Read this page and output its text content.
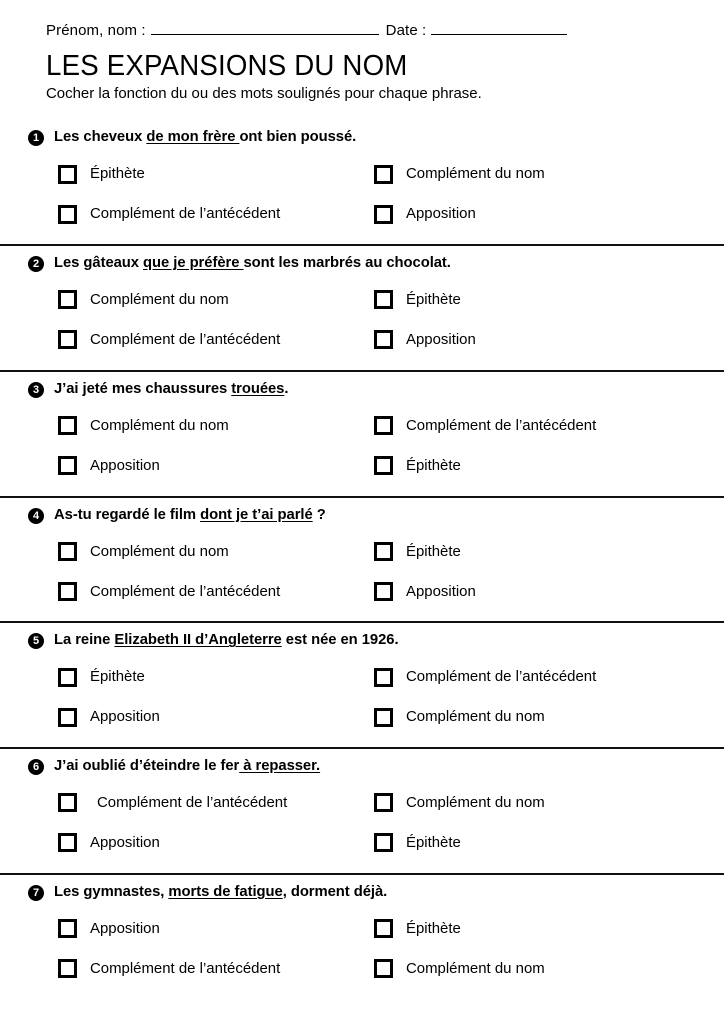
Prénom, nom :	Date :
LES EXPANSIONS DU NOM

Cocher la fonction du ou des mots soulignés pour chaque phrase.

1	Les cheveux de mon frère ont bien poussé.
Épithète	Complément du nom
Complément de l’antécédent	Apposition
2	Les gâteaux que je préfère sont les marbrés au chocolat.
Complément du nom	Épithète
Complément de l’antécédent	Apposition
3	J’ai jeté mes chaussures trouées.
Complément du nom	Complément de l’antécédent
Apposition	Épithète
4	As-tu regardé le film dont je t’ai parlé ?
Complément du nom	Épithète
Complément de l’antécédent	Apposition
5	La reine Elizabeth II d’Angleterre est née en 1926.
Épithète	Complément de l’antécédent
Apposition	Complément du nom
6	J’ai oublié d’éteindre le fer à repasser.
Complément de l’antécédent	Complément du nom
Apposition	Épithète
7	Les gymnastes, morts de fatigue, dorment déjà.
Apposition	Épithète
Complément de l’antécédent	Complément du nom
